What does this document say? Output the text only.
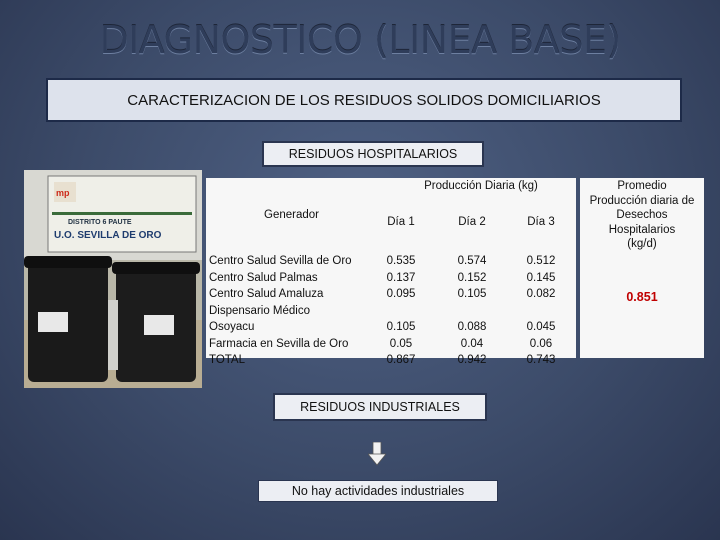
DIAGNOSTICO (LINEA BASE)
CARACTERIZACION DE LOS RESIDUOS SOLIDOS DOMICILIARIOS
RESIDUOS HOSPITALARIOS
mp
DISTRITO 6 PAUTE
U.O. SEVILLA DE ORO
Producción Diaria (kg)
Generador
Día 1	Día 2	Día 3
Centro Salud Sevilla de Oro
Centro Salud Palmas
Centro Salud Amaluza
Dispensario Médico
Osoyacu
Farmacia en Sevilla de Oro
TOTAL
0.535
0.137
0.095
0.105
0.05
0.867
0.574
0.152
0.105
0.088
0.04
0.942
0.512
0.145
0.082
0.045
0.06
0.743
Promedio
Producción diaria de
Desechos
Hospitalarios
(kg/d)
0.851
RESIDUOS INDUSTRIALES
No hay actividades industriales
